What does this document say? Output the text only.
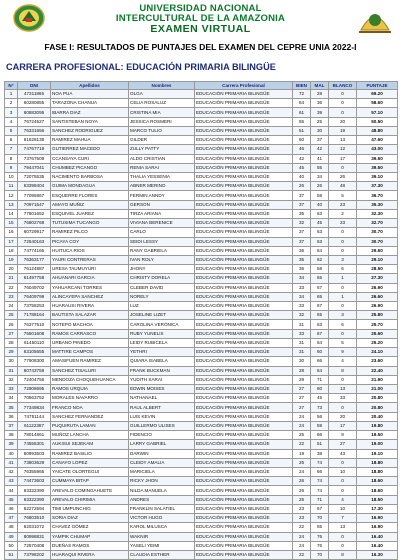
UNIVERSIDAD NACIONAL
INTERCULTURAL DE LA AMAZONIA
EXAMEN VIRTUAL
FASE I: RESULTADOS DE PUNTAJES DEL EXAMEN DEL CEPRE UNIA 2022-I
CARRERA PROFESIONAL: EDUCACIÓN PRIMARIA BILINGÜE
N°	DNI	Apellidos	Nombres	Carrera Profesional	BIEN	MAL	BLANCO	PUNTAJE
1	47311865	NOA PUA	OLGA	EDUCACIÓN PRIMARIA BILINGÜE	72	28	0	69.20
2	60280855	TARAZONA CHANUA	CELIA ROSALUZ	EDUCACIÓN PRIMARIA BILINGÜE	64	36	0	58.60
3	60883095	IBARRA DIAZ	CRISTINA MIA	EDUCACIÓN PRIMARIA BILINGÜE	61	39	0	57.10
4	76724527	SANTISTEBAN NOYA	JESSICA ROSMERI	EDUCACIÓN PRIMARIA BILINGÜE	55	25	20	50.50
5	76331656	SANCHEZ RODRIGUEZ	MARCO TULIO	EDUCACIÓN PRIMARIA BILINGÜE	51	30	19	48.80
6	61628138	RAMIREZ MAHUA	GILDER	EDUCACIÓN PRIMARIA BILINGÜE	50	37	13	47.60
7	74767719	GUTIERREZ MACEDO	ZULLY PATTY	EDUCACIÓN PRIMARIA BILINGÜE	46	42	12	43.00
8	73767509	CCANSAYA CURI	ALDO CRISTIAN	EDUCACIÓN PRIMARIA BILINGÜE	42	41	17	39.60
9	79447041	CHUMBEZ PICANGO	RENIA SARAI	EDUCACIÓN PRIMARIA BILINGÜE	45	55	0	39.50
10	72075535	NACIMENTO BARBOSA	THALIA YESSENIA	EDUCACIÓN PRIMARIA BILINGÜE	40	34	26	39.10
11	63398404	GUIMA MONDAGUA	ABNER MERINO	EDUCACIÓN PRIMARIA BILINGÜE	26	26	48	37.30
12	77095867	ESQUERRE FLORES	FERMIN ANNDY	EDUCACIÓN PRIMARIA BILINGÜE	37	58	5	36.70
13	70971547	AMAYO MUÑIZ	GERSON	EDUCACIÓN PRIMARIA BILINGÜE	37	40	23	35.30
14	77801652	ESQUIVEL JUAREZ	TIRZA ARIANA	EDUCACIÓN PRIMARIA BILINGÜE	35	63	2	32.30
15	76802768	TUTUSIMA TUCANGO	VIVIANA BERENICE	EDUCACIÓN PRIMARIA BILINGÜE	32	45	23	32.70
16	60729917	RAMIREZ PILCO	CARLO	EDUCACIÓN PRIMARIA BILINGÜE	37	63	0	30.70
17	72540163	PICAYA COY	SEIDI LESSY	EDUCACIÓN PRIMARIA BILINGÜE	37	63	0	30.70
18	74774165	HUITUCA RIOS	RANY GABRIELA	EDUCACIÓN PRIMARIA BILINGÜE	36	64	0	29.60
19	76363177	YAURI CONTRERAS	IVAN ROLY	EDUCACIÓN PRIMARIA BILINGÜE	35	62	3	29.10
20	76124887	URESA TAUMUYURI	JHONY	EDUCACIÓN PRIMARIA BILINGÜE	36	58	6	28.50
21	61497758	AHUANARI GARCIA	CHRISTY DORELA	EDUCACIÓN PRIMARIA BILINGÜE	34	65	1	27.30
22	76049702	YAHUARCANI TORRES	CLEBER DAVID	EDUCACIÓN PRIMARIA BILINGÜE	33	67	0	26.90
23	76409799	ALINCAYEPA SANCHEZ	NORELY	EDUCACIÓN PRIMARIA BILINGÜE	34	65	1	26.60
24	73758253	HUARAUSI RIVERA	LUZ	EDUCACIÓN PRIMARIA BILINGÜE	33	67	0	26.90
25	71788164	BAUTISTA SALAZAR	JOSELINE LIZET	EDUCACIÓN PRIMARIA BILINGÜE	32	65	3	25.80
26	76377510	NOTEPO MACHOA	CAROLINA VERÓNICA	EDUCACIÓN PRIMARIA BILINGÜE	31	63	6	25.70
27	75501608	RAMOS CARRASCO	RUBY YUNELIX	EDUCACIÓN PRIMARIA BILINGÜE	33	67	0	25.60
28	61450110	URBANO PINEDO	LEIDY RUBICELA	EDUCACIÓN PRIMARIA BILINGÜE	31	64	5	25.20
29	63105655	MATTIRE CAMPOS	YETHRI	EDUCACIÓN PRIMARIA BILINGÜE	31	60	9	24.10
30	77908300	AMASIFUEN RAMIREZ	QUIARA ISABELA	EDUCACIÓN PRIMARIA BILINGÜE	30	66	4	23.60
31	60743758	SANCHEZ TISALURI	FRANK BUCKMAN	EDUCACIÓN PRIMARIA BILINGÜE	28	64	8	22.40
32	72404756	MENDOZA CHOQUEHUANCA	YUDITH SARAI	EDUCACIÓN PRIMARIA BILINGÜE	29	71	0	21.90
33	72908695	RAMOS URQUIA	EDWIN MOISES	EDUCACIÓN PRIMARIA BILINGÜE	27	60	13	21.00
34	70563752	MORALES NAVARRO	NATHANAEL	EDUCACIÓN PRIMARIA BILINGÜE	27	45	33	20.80
35	77349834	FRANCO NOA	RAUL ALBERT	EDUCACIÓN PRIMARIA BILINGÜE	27	73	0	20.80
36	74751144	SANCHEZ FERNANDEZ	LUIS KEVIN	EDUCACIÓN PRIMARIA BILINGÜE	24	56	20	20.40
37	61122387	PUQUIRUTA LAMAN	GUILLERMO ULISES	EDUCACIÓN PRIMARIA BILINGÜE	24	59	17	19.80
38	78014861	MUÑOZ LANCHA	FIDENCIO	EDUCACIÓN PRIMARIA BILINGÜE	25	66	9	19.50
39	74555301	AUKISUI SEJEKAM	LARRY GABRIEL	EDUCACIÓN PRIMARIA BILINGÜE	22	51	27	19.00
40	80993503	RAMIREZ BASILIO	DARWIN	EDUCACIÓN PRIMARIA BILINGÜE	19	38	43	19.10
41	73803629	CANAYO LOPEZ	CLEIDY AMALIA	EDUCACIÓN PRIMARIA BILINGÜE	26	74	0	18.80
42	76355965	YAICATE OLORTEGUI	MARICIELA	EDUCACIÓN PRIMARIA BILINGÜE	24	66	10	18.80
43	74473603	CUMMAYA BITAP	RICKY JHON	EDUCACIÓN PRIMARIA BILINGÜE	26	74	0	18.60
44	63322390	AREVALO COMINGAHUETE	NILDA MANUELA	EDUCACIÓN PRIMARIA BILINGÜE	26	74	0	18.60
45	63322390	AREVALO CHIRIMIA	ANDRES	EDUCACIÓN PRIMARIA BILINGÜE	25	71	4	18.50
46	62272594	TIMI UMPUNCHIG	FRANKLIN SALATIEL	EDUCACIÓN PRIMARIA BILINGÜE	23	67	10	17.30
47	76803510	SORIA DIAZ	VICTOR HUGO	EDUCACIÓN PRIMARIA BILINGÜE	23	70	7	16.90
48	62031072	CHAVEZ GÓMEZ	KAROL MILUSCA	EDUCACIÓN PRIMARIA BILINGÜE	22	65	13	16.90
49	80998831	YAMPIK CHUMAP	WAKNIR	EDUCACIÓN PRIMARIA BILINGÜE	24	76	0	16.40
50	72570408	DUEÑAS RAMOS	YASELI YEIMI	EDUCACIÓN PRIMARIA BILINGÜE	24	76	0	16.40
51	73798202	HUARAQUI RIVERA	CLAUDIA ESTHER	EDUCACIÓN PRIMARIA BILINGÜE	22	70	8	16.30
